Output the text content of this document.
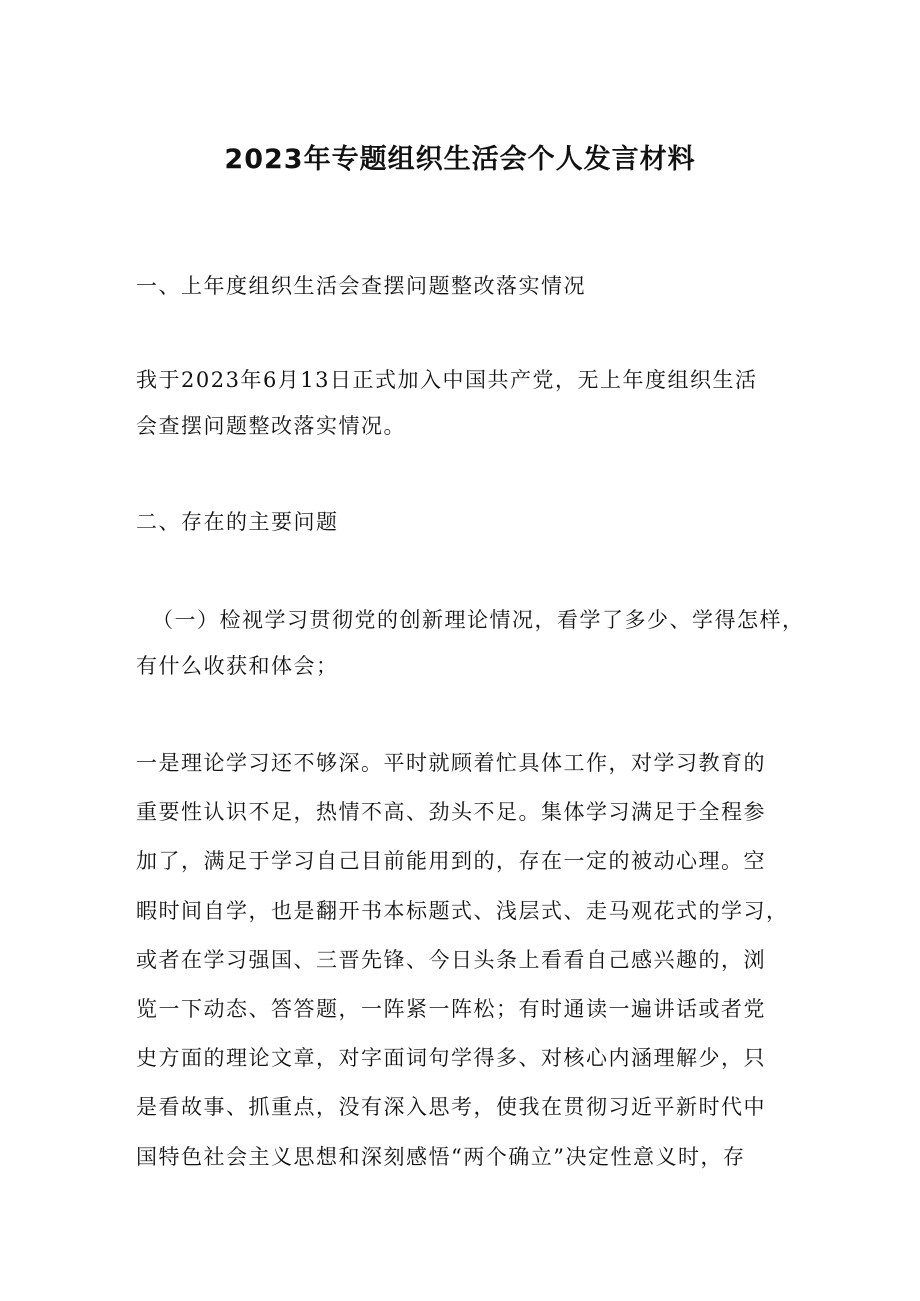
2023年专题组织生活会个人发言材料
一、上年度组织生活会查摆问题整改落实情况
我于2023年6月13日正式加入中国共产党，无上年度组织生活
会查摆问题整改落实情况。
二、存在的主要问题
（一）检视学习贯彻党的创新理论情况，看学了多少、学得怎样，
有什么收获和体会；
一是理论学习还不够深。平时就顾着忙具体工作，对学习教育的
重要性认识不足，热情不高、劲头不足。集体学习满足于全程参
加了，满足于学习自己目前能用到的，存在一定的被动心理。空
暇时间自学，也是翻开书本标题式、浅层式、走马观花式的学习，
或者在学习强国、三晋先锋、今日头条上看看自己感兴趣的，浏
览一下动态、答答题，一阵紧一阵松；有时通读一遍讲话或者党
史方面的理论文章，对字面词句学得多、对核心内涵理解少，只
是看故事、抓重点，没有深入思考，使我在贯彻习近平新时代中
国特色社会主义思想和深刻感悟“两个确立”决定性意义时，存
